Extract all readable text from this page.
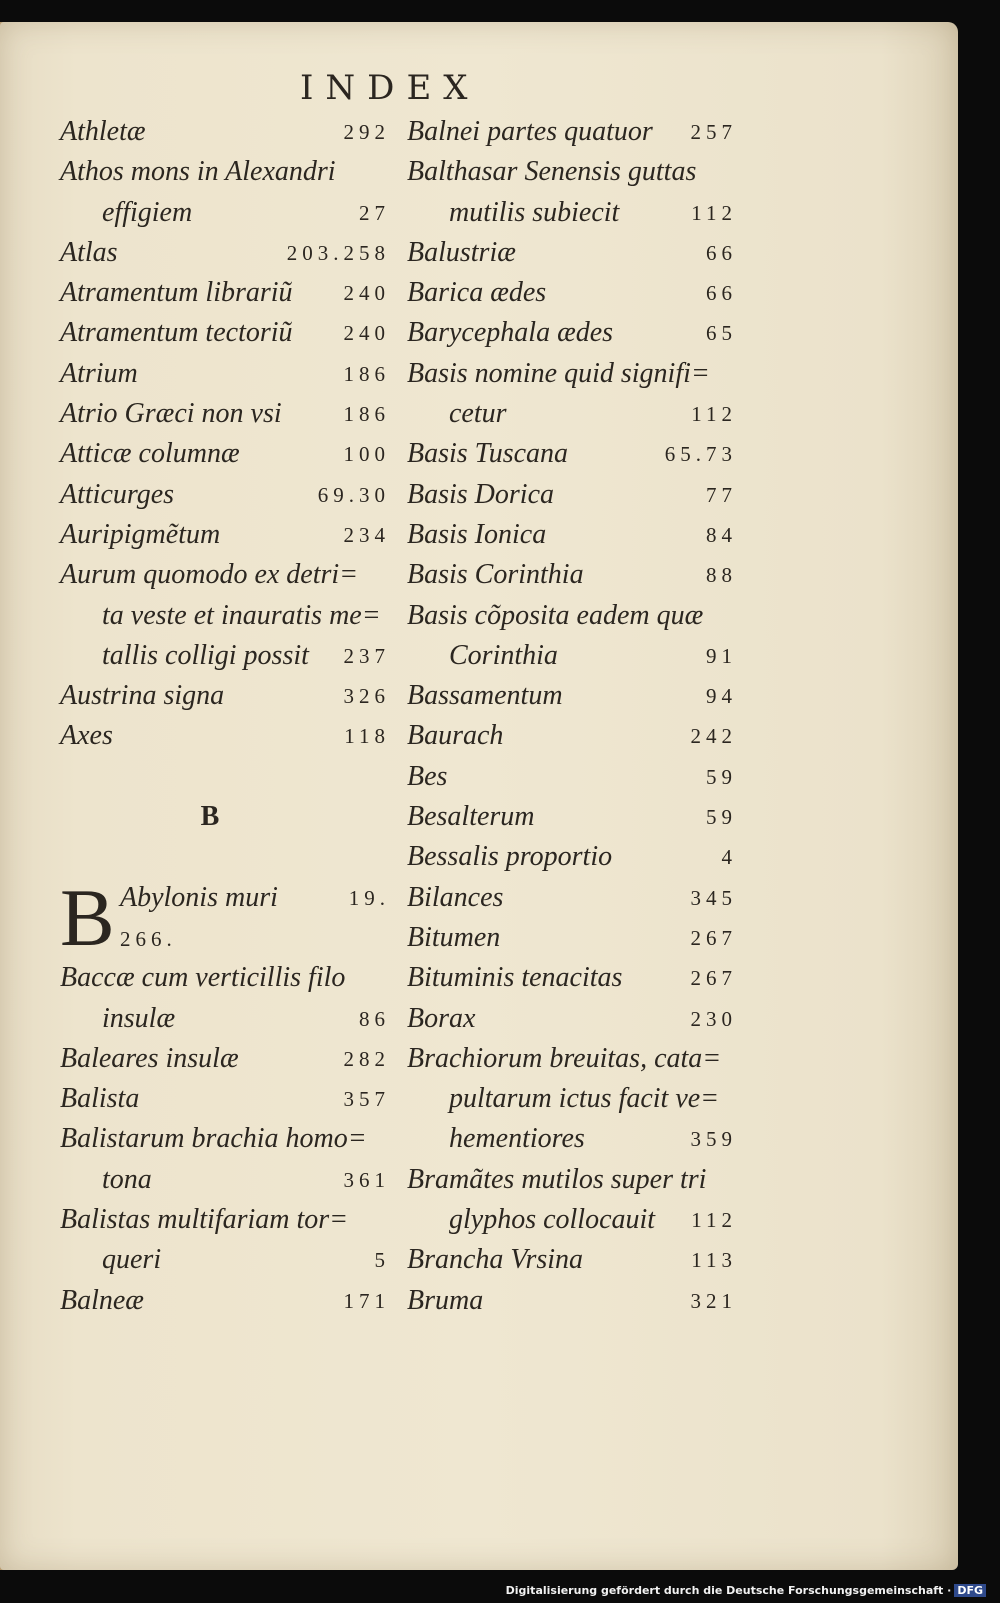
INDEX
Athletæ	292
Athos mons in Alexandri
effigiem	27
Atlas	203.258
Atramentum librariũ 240
Atramentum tectoriũ 240
Atrium	186
Atrio Græci non vsi	186
Atticæ columnæ	100
Atticurges	69.30
Auripigmẽtum	234
Aurum quomodo ex detri=
ta veste et inauratis me=
tallis colligi possit 237
Austrina signa	326
Axes	118
B
B Abylonis muri	19.
266.
Baccæ cum verticillis filo
insulæ	86
Baleares insulæ	282
Balista	357
Balistarum brachia homo=
tona	361
Balistas multifariam tor=
queri	5
Balneæ	171
Balnei partes quatuor 257
Balthasar Senensis guttas
mutilis subiecit	112
Balustriæ	66
Barica ædes	66
Barycephala ædes	65
Basis nomine quid signifi=
cetur	112
Basis Tuscana	65.73
Basis Dorica	77
Basis Ionica	84
Basis Corinthia	88
Basis cõposita eadem quæ
Corinthia	91
Bassamentum	94
Baurach	242
Bes	59
Besalterum	59
Bessalis proportio	4
Bilances	345
Bitumen	267
Bituminis tenacitas	267
Borax	230
Brachiorum breuitas, cata=
pultarum ictus facit ve=
hementiores	359
Bramãtes mutilos super tri
glyphos collocauit 112
Brancha Vrsina	113
Bruma	321
Digitalisierung gefördert durch die Deutsche Forschungsgemeinschaft · DFG
